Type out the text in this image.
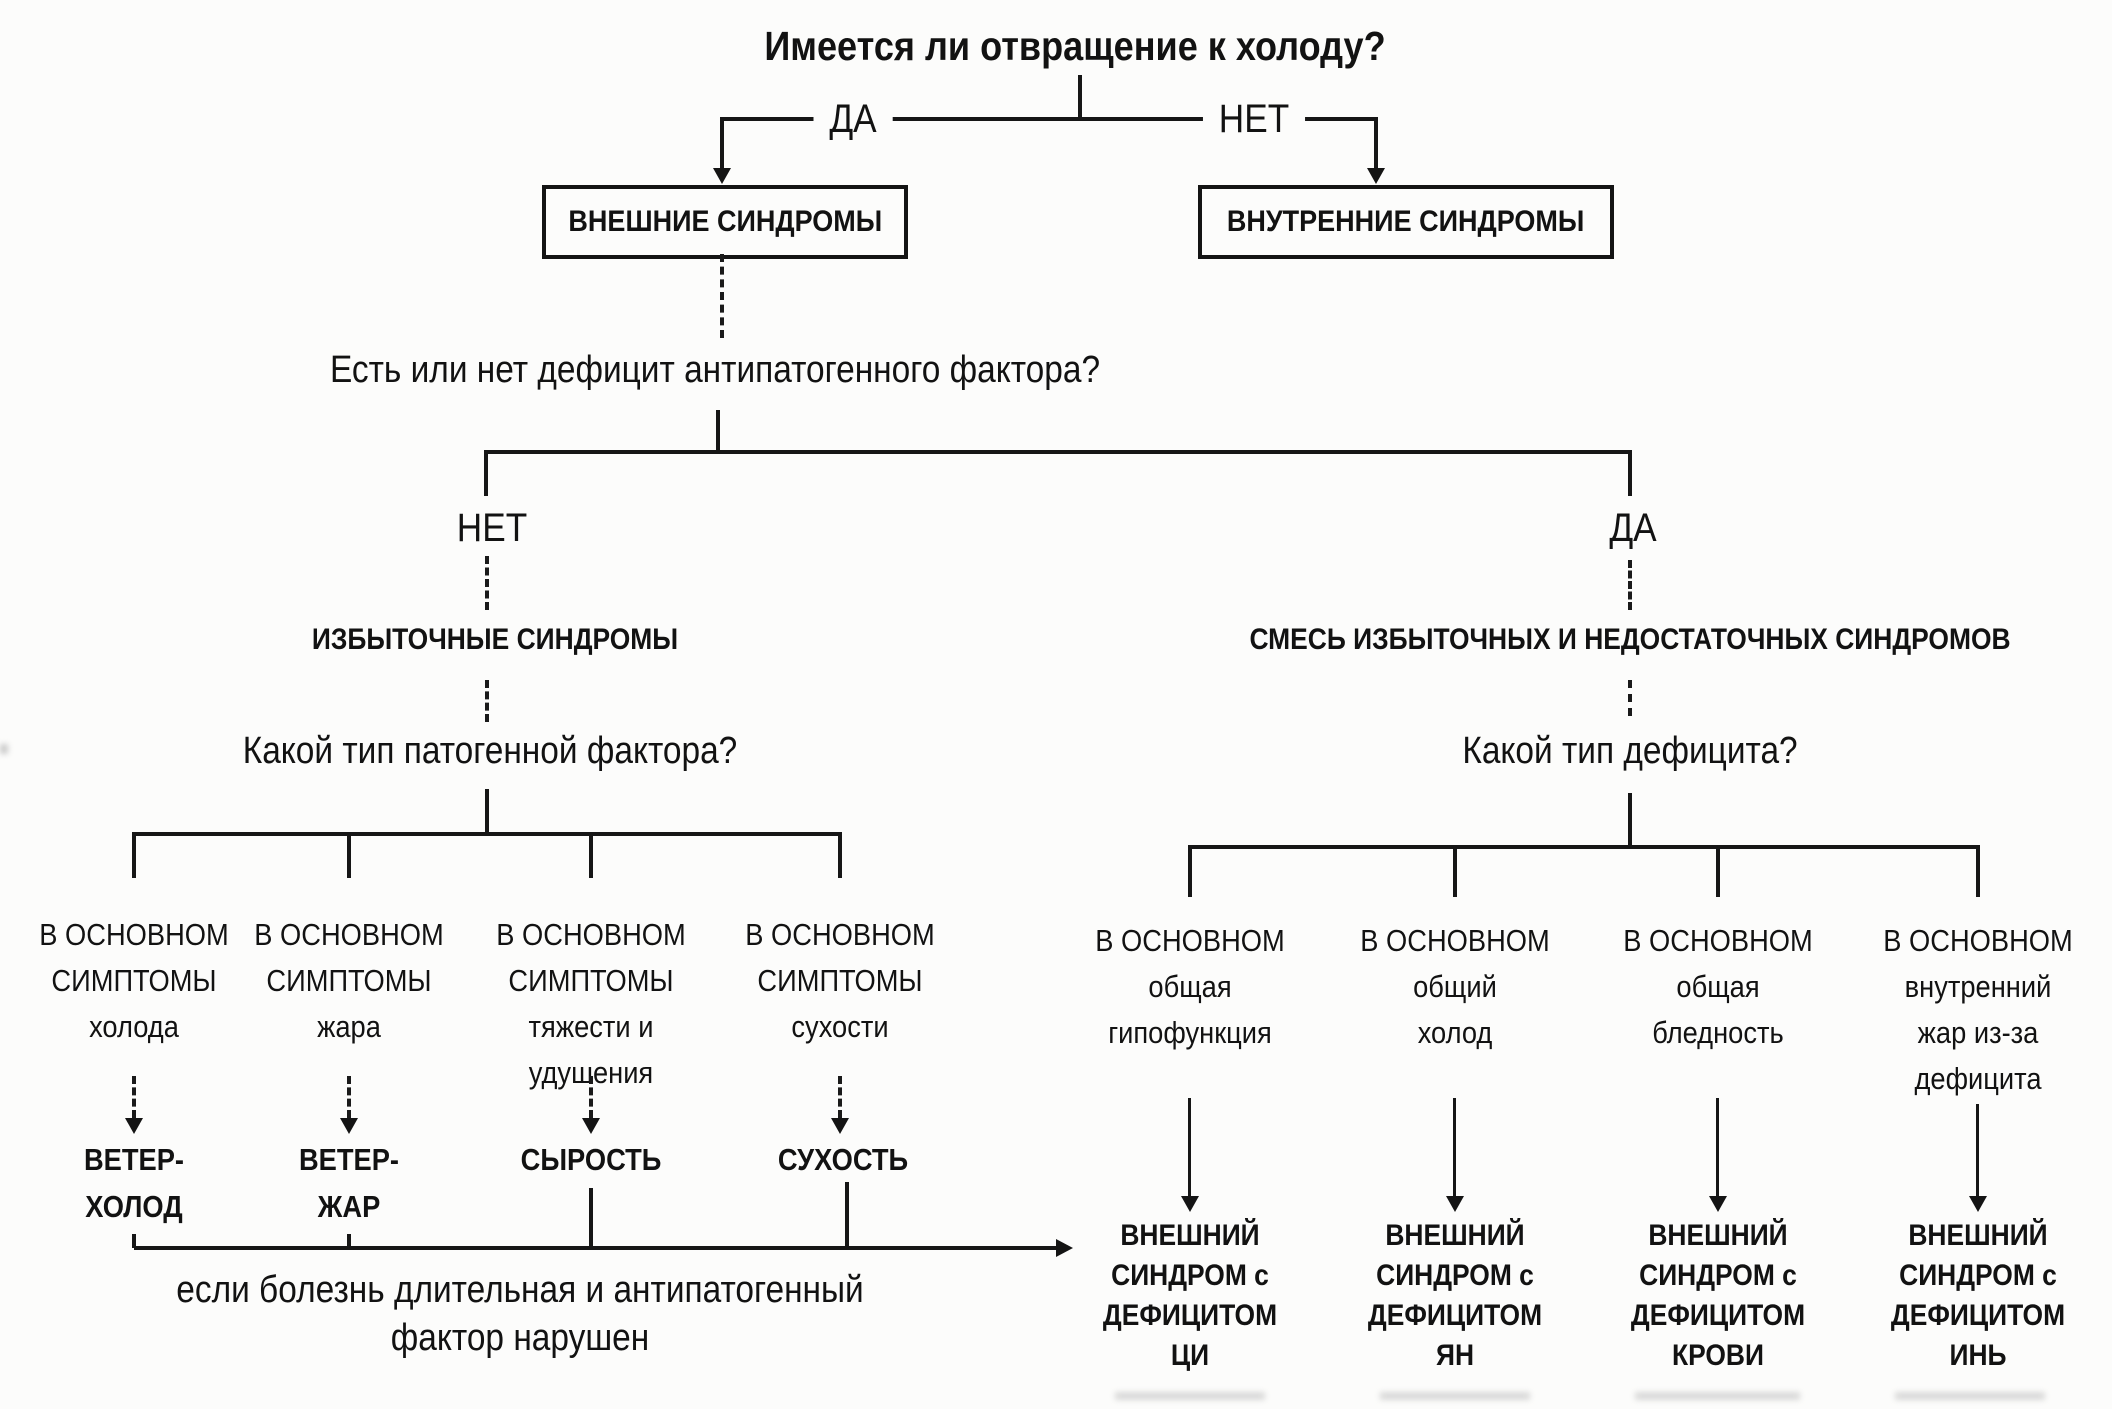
Имеется ли отвращение к холоду?
ДА	НЕТ
ВНЕШНИЕ СИНДРОМЫ	ВНУТРЕННИЕ СИНДРОМЫ
Есть или нет дефицит антипатогенного фактора?
НЕТ	ДА
ИЗБЫТОЧНЫЕ СИНДРОМЫ	СМЕСЬ ИЗБЫТОЧНЫХ И НЕДОСТАТОЧНЫХ СИНДРОМОВ
Какой тип патогенной фактора?	Какой тип дефицита?
В ОСНОВНОМ
СИМПТОМЫ
холода
В ОСНОВНОМ
СИМПТОМЫ
жара
В ОСНОВНОМ
СИМПТОМЫ
тяжести и
удушения
В ОСНОВНОМ
СИМПТОМЫ
сухости
ВЕТЕР-
ХОЛОД
ВЕТЕР-
ЖАР
СЫРОСТЬ	СУХОСТЬ
если болезнь длительная и антипатогенный
фактор нарушен
В ОСНОВНОМ
общая
гипофункция
В ОСНОВНОМ
общий
холод
В ОСНОВНОМ
общая
бледность
В ОСНОВНОМ
внутренний
жар из-за
дефицита
ВНЕШНИЙ
СИНДРОМ с
ДЕФИЦИТОМ
ЦИ
ВНЕШНИЙ
СИНДРОМ с
ДЕФИЦИТОМ
ЯН
ВНЕШНИЙ
СИНДРОМ с
ДЕФИЦИТОМ
КРОВИ
ВНЕШНИЙ
СИНДРОМ с
ДЕФИЦИТОМ
ИНЬ
